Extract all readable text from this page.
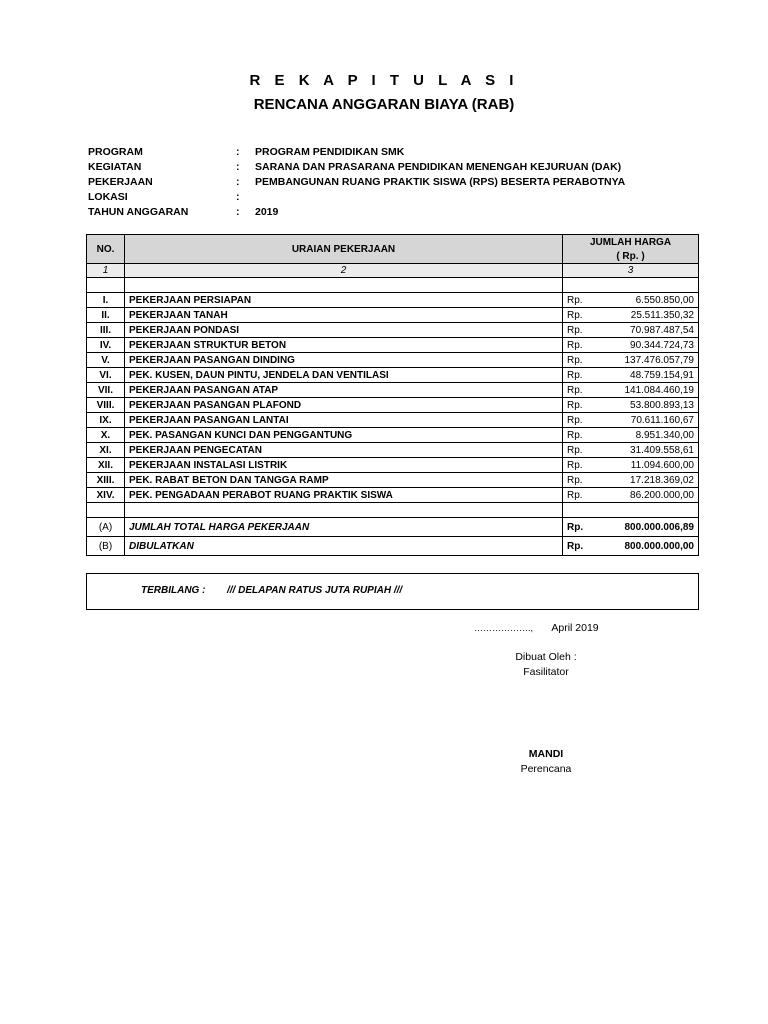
R E K A P I T U L A S I
RENCANA ANGGARAN BIAYA (RAB)
PROGRAM	:	PROGRAM PENDIDIKAN SMK
KEGIATAN	:	SARANA DAN PRASARANA PENDIDIKAN MENENGAH KEJURUAN (DAK)
PEKERJAAN	:	PEMBANGUNAN RUANG PRAKTIK SISWA (RPS) BESERTA PERABOTNYA
LOKASI	:
TAHUN ANGGARAN	:	2019
NO.	URAIAN PEKERJAAN	JUMLAH HARGA	
		( Rp. )	
1	2	3	

I.	PEKERJAAN PERSIAPAN	Rp.	6.550.850,00
II.	PEKERJAAN TANAH	Rp.	25.511.350,32
III.	PEKERJAAN PONDASI	Rp.	70.987.487,54
IV.	PEKERJAAN STRUKTUR BETON	Rp.	90.344.724,73
V.	PEKERJAAN PASANGAN DINDING	Rp.	137.476.057,79
VI.	PEK. KUSEN, DAUN PINTU, JENDELA DAN VENTILASI	Rp.	48.759.154,91
VII.	PEKERJAAN PASANGAN ATAP	Rp.	141.084.460,19
VIII.	PEKERJAAN PASANGAN PLAFOND	Rp.	53.800.893,13
IX.	PEKERJAAN PASANGAN LANTAI	Rp.	70.611.160,67
X.	PEK. PASANGAN KUNCI DAN PENGGANTUNG	Rp.	8.951.340,00
XI.	PEKERJAAN PENGECATAN	Rp.	31.409.558,61
XII.	PEKERJAAN INSTALASI LISTRIK	Rp.	11.094.600,00
XIII.	PEK. RABAT BETON DAN TANGGA RAMP	Rp.	17.218.369,02
XIV.	PEK. PENGADAAN PERABOT RUANG PRAKTIK SISWA	Rp.	86.200.000,00

(A)	JUMLAH TOTAL HARGA PEKERJAAN	Rp.	800.000.006,89
(B)	DIBULATKAN	Rp.	800.000.000,00
TERBILANG : /// DELAPAN RATUS JUTA RUPIAH ///
………………., April 2019
Dibuat Oleh :
Fasilitator
MANDI
Perencana
